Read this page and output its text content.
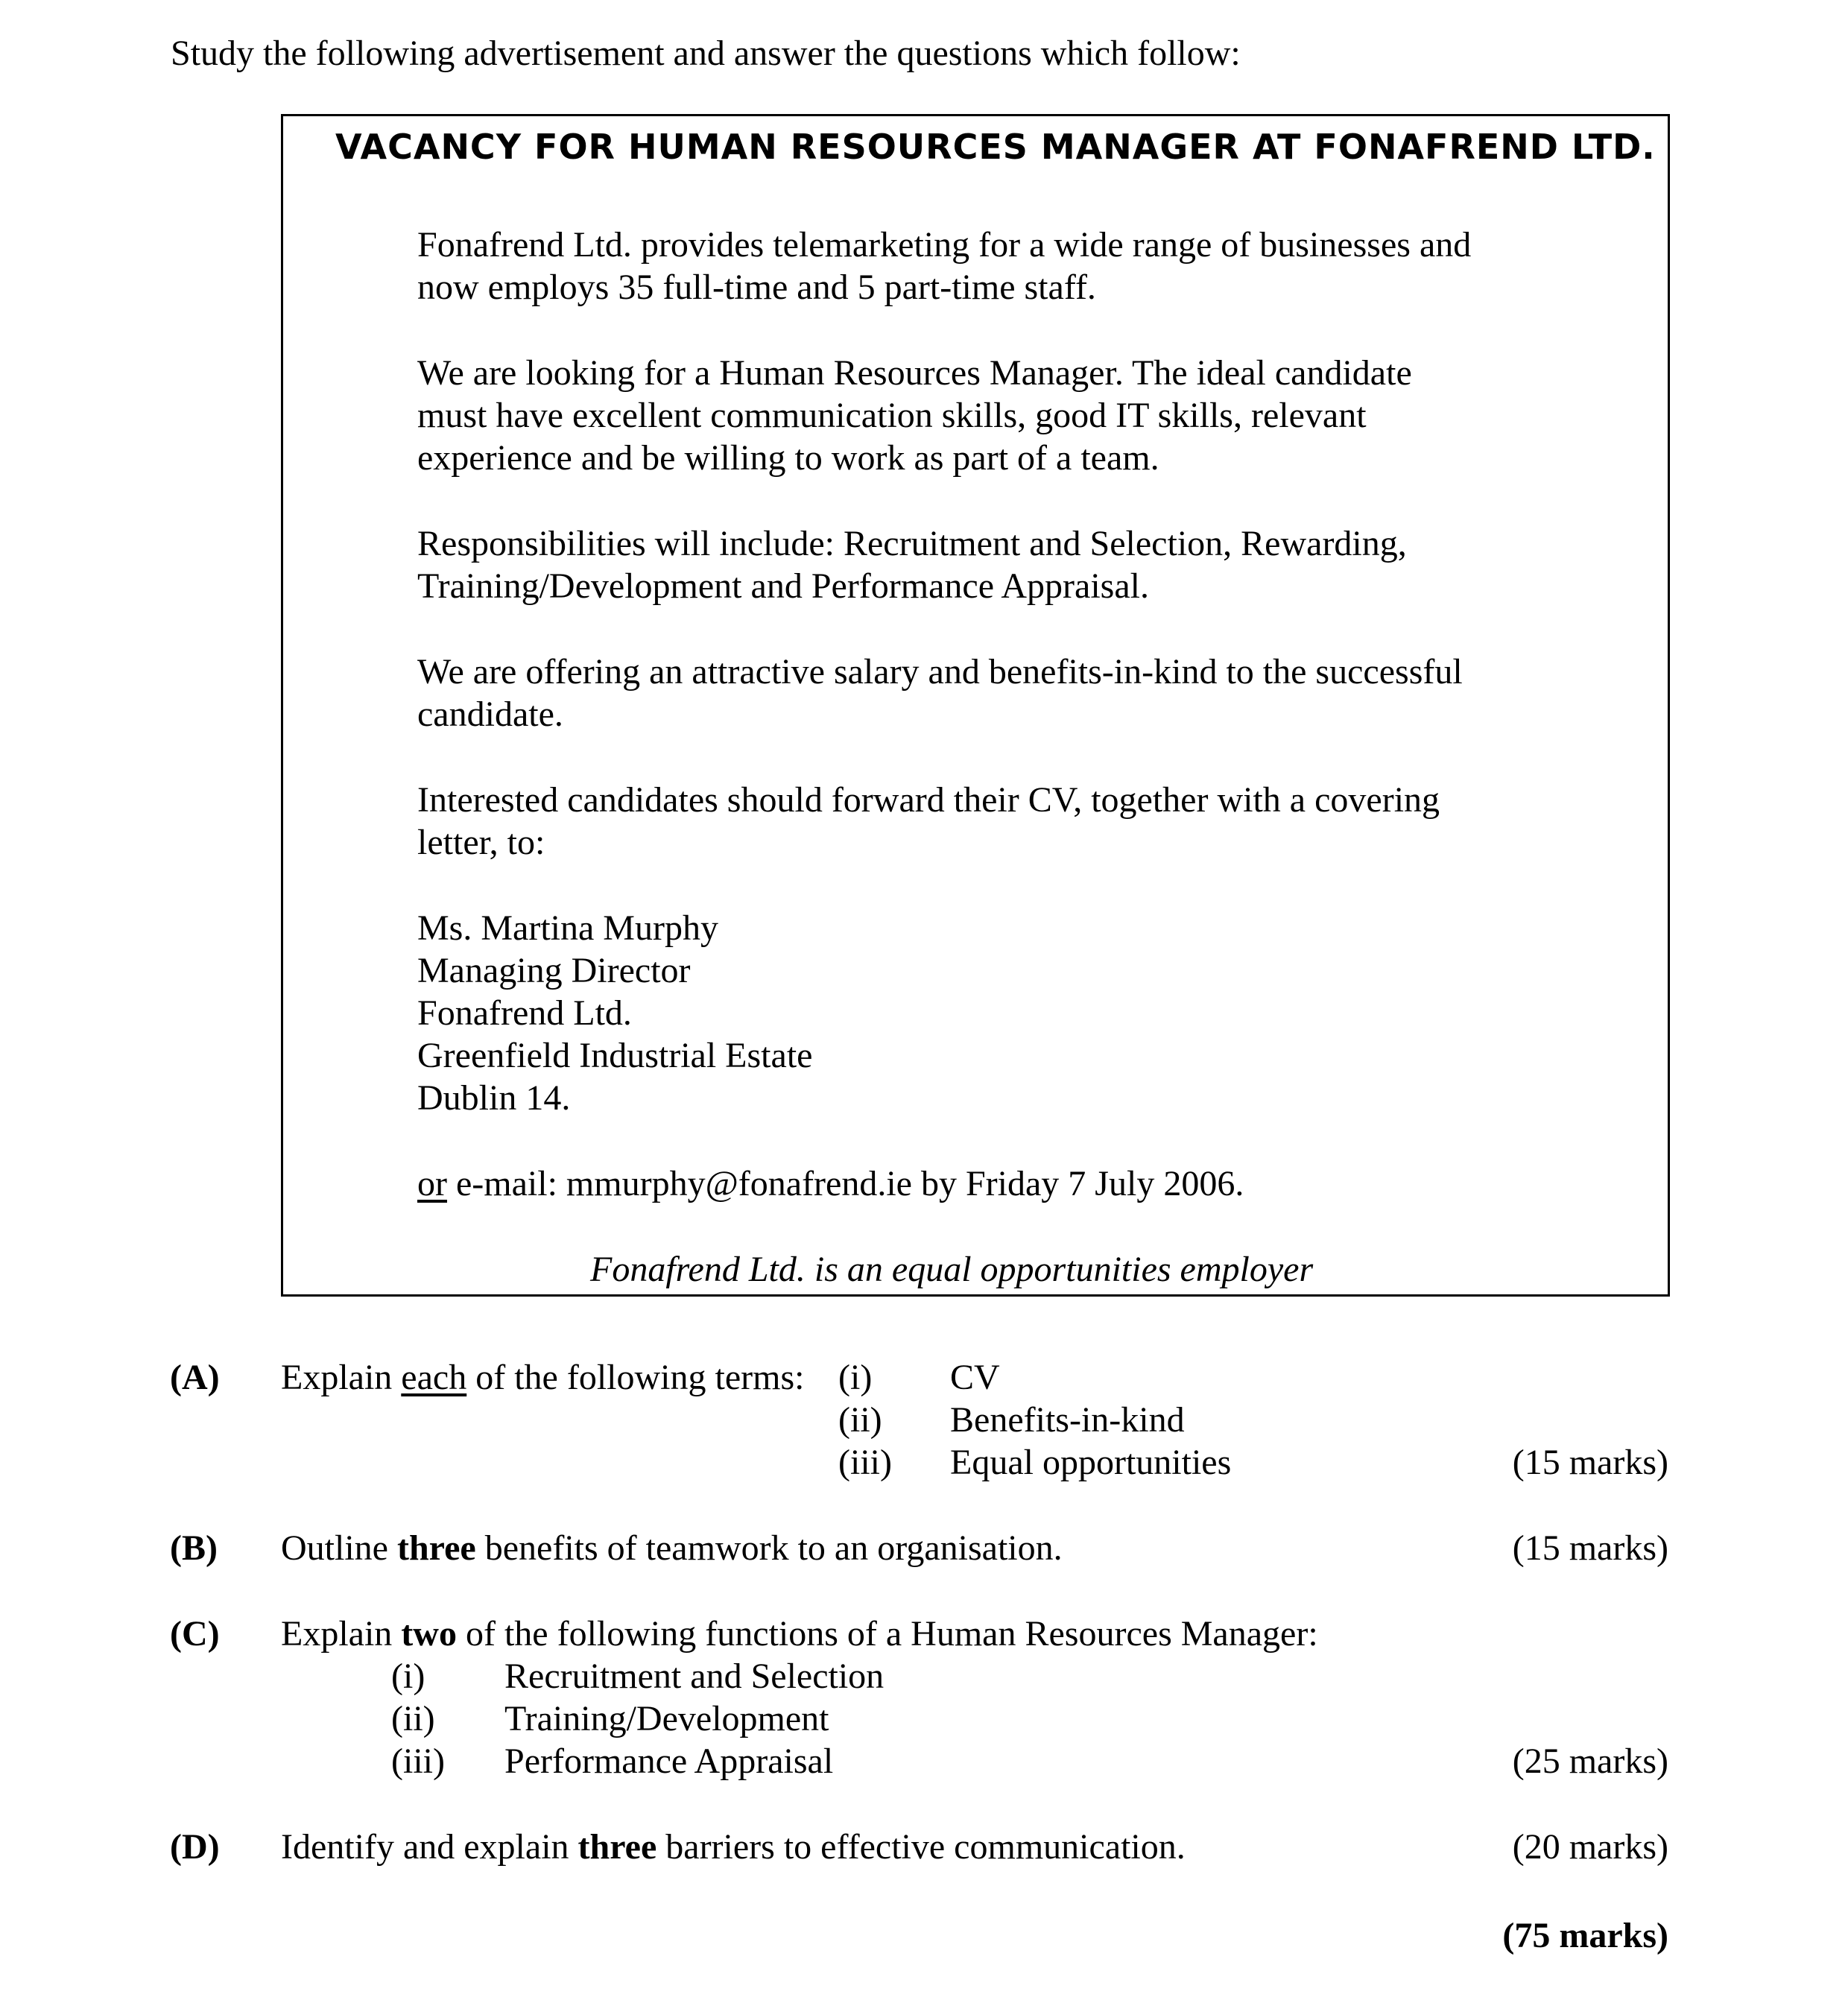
Study the following advertisement and answer the questions which follow:
VACANCY FOR HUMAN RESOURCES MANAGER AT FONAFREND LTD.
Fonafrend Ltd. provides telemarketing for a wide range of businesses and
now employs 35 full-time and 5 part-time staff.
We are looking for a Human Resources Manager. The ideal candidate
must have excellent communication skills, good IT skills, relevant
experience and be willing to work as part of a team.
Responsibilities will include: Recruitment and Selection, Rewarding,
Training/Development and Performance Appraisal.
We are offering an attractive salary and benefits-in-kind to the successful
candidate.
Interested candidates should forward their CV, together with a covering
letter, to:
Ms. Martina Murphy
Managing Director
Fonafrend Ltd.
Greenfield Industrial Estate
Dublin 14.
or e-mail: mmurphy@fonafrend.ie by Friday 7 July 2006.
Fonafrend Ltd. is an equal opportunities employer
(A) Explain each of the following terms: (i) CV
(ii) Benefits-in-kind
(iii) Equal opportunities	(15 marks)
(B) Outline three benefits of teamwork to an organisation.	(15 marks)
(C) Explain two of the following functions of a Human Resources Manager:
(i) Recruitment and Selection
(ii) Training/Development
(iii) Performance Appraisal	(25 marks)
(D) Identify and explain three barriers to effective communication.	(20 marks)
(75 marks)
